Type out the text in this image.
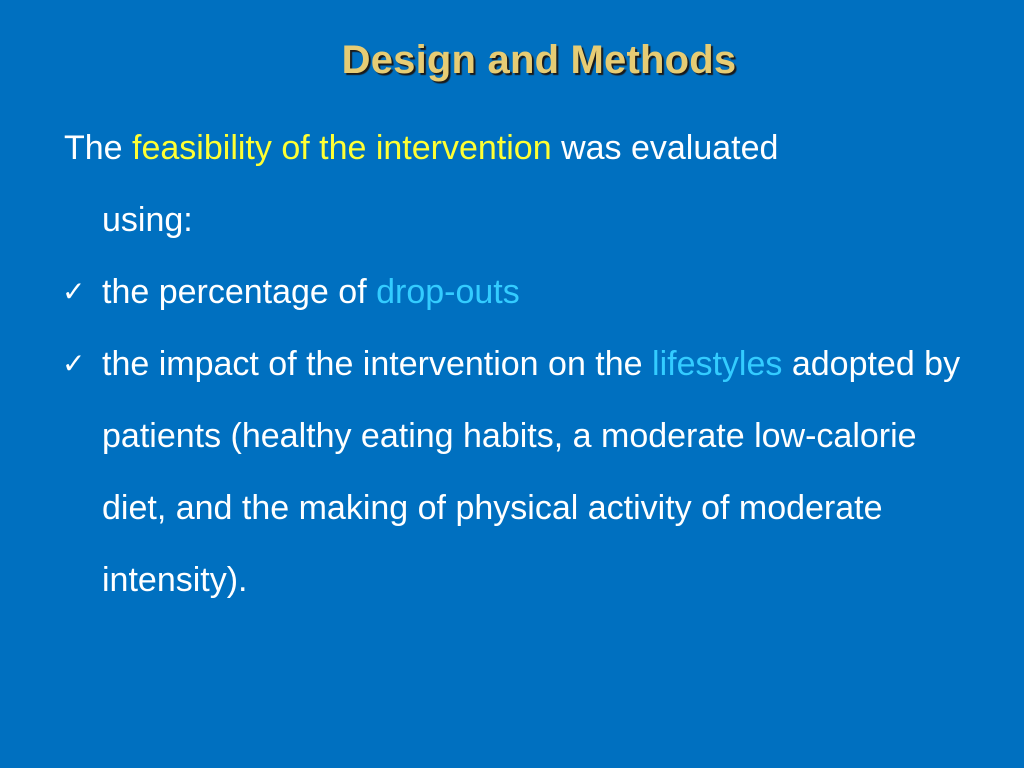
Design and Methods

The feasibility of the intervention was evaluated
using:

✓ the percentage of drop-outs

✓ the impact of the intervention on the lifestyles adopted by patients (healthy eating habits, a moderate low-calorie diet, and the making of physical activity of moderate intensity).
